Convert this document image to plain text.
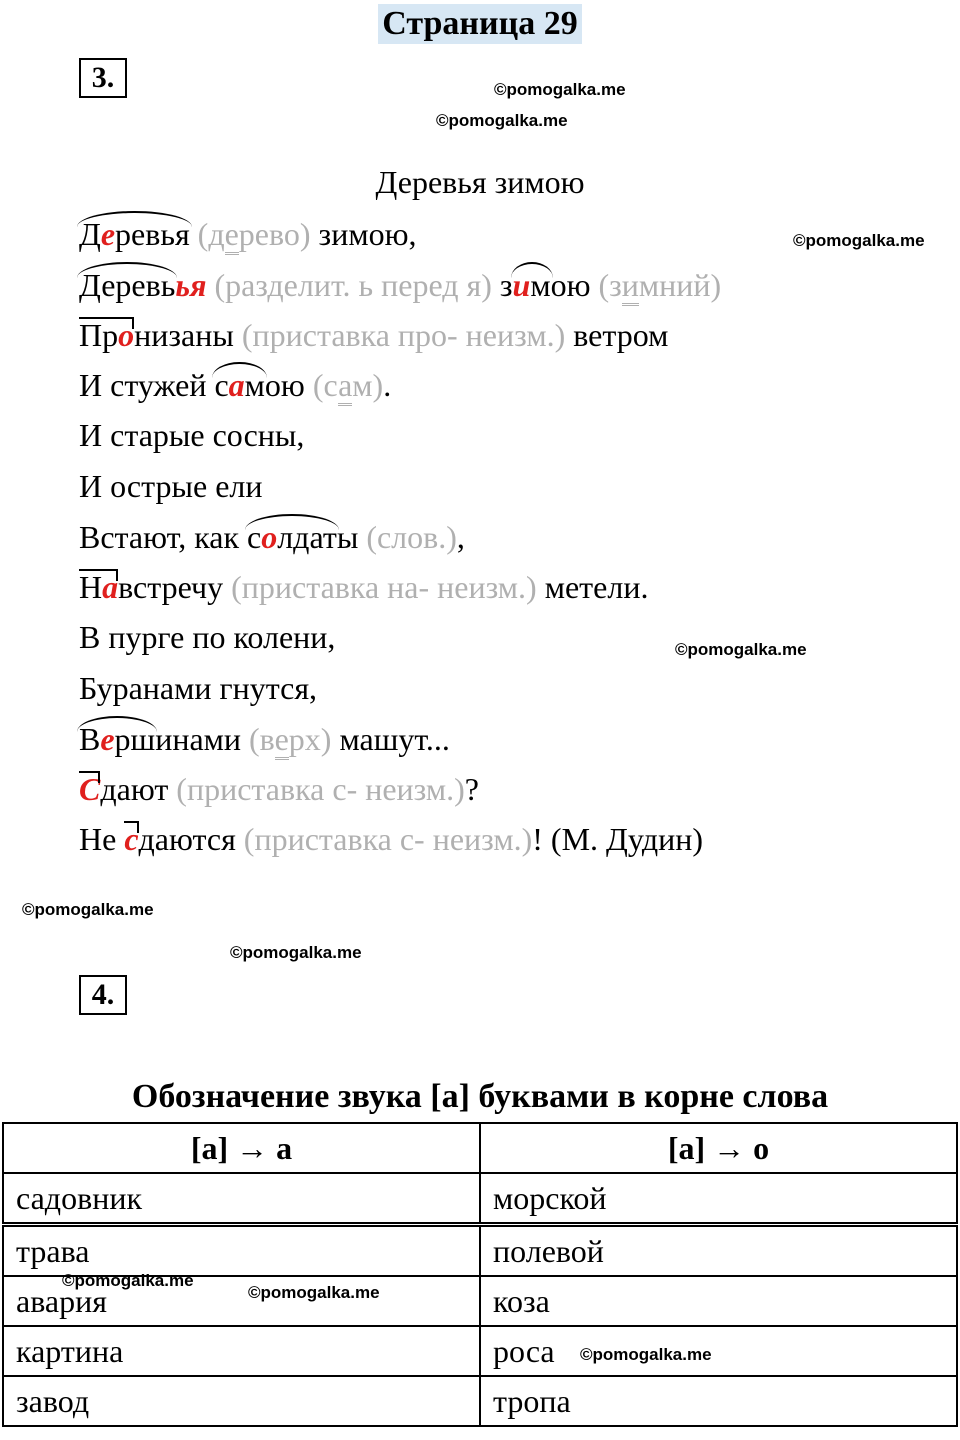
Страница 29
3.	©pomogalka.me
©pomogalka.me
©pomogalka.me
Деревья зимою
Деревья (дерево) зимою,
Деревьья (разделит. ь перед я) зимою (зимний)
Пронизаны (приставка про- неизм.) ветром
И стужей самою (сам).
И старые сосны,
И острые ели
Встают, как солдаты (слов.),
Навстречу (приставка на- неизм.) метели.
В пурге по колени,	©pomogalka.me
Буранами гнутся,
Вершинами (верх) машут...
Сдают (приставка с- неизм.)?
Не сдаются (приставка с- неизм.)! (М. Дудин)
©pomogalka.me
©pomogalka.me
4.
Обозначение звука [а] буквами в корне слова
[а] → а	[а] → о
садовник	морской
трава	полевой
авария	коза
картина	роса
завод	тропа
©pomogalka.me
©pomogalka.me
©pomogalka.me
